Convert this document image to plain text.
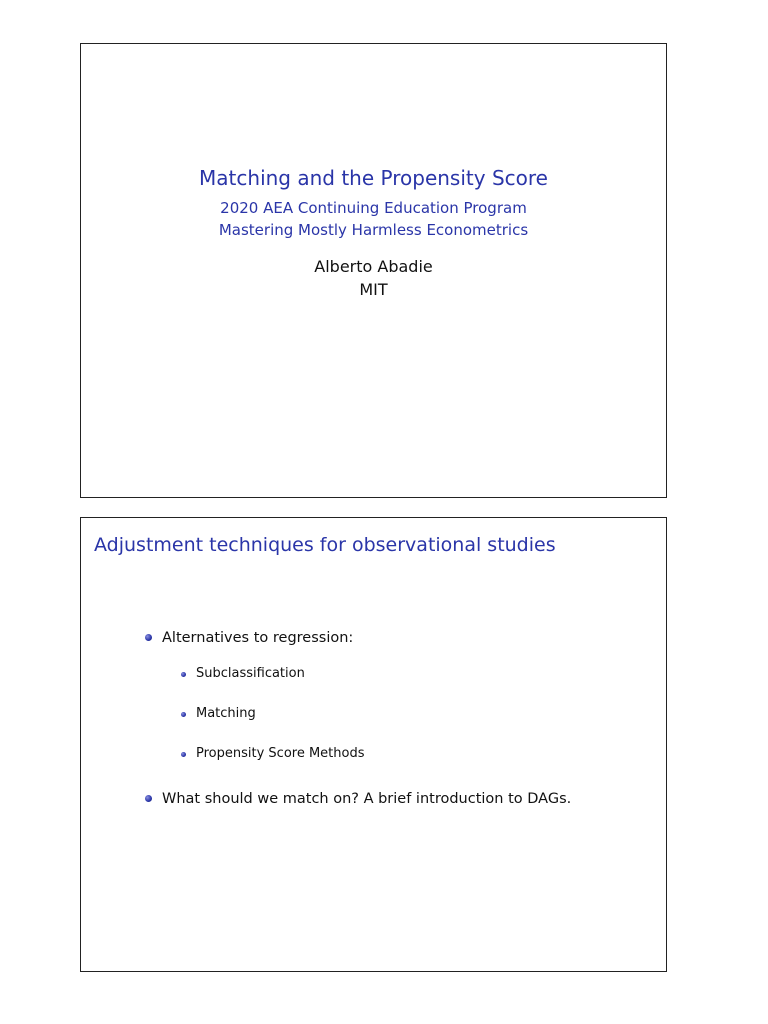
Matching and the Propensity Score

2020 AEA Continuing Education Program

Mastering Mostly Harmless Econometrics

Alberto Abadie
MIT
Adjustment techniques for observational studies
Alternatives to regression:
Subclassification
Matching
Propensity Score Methods
What should we match on? A brief introduction to DAGs.
